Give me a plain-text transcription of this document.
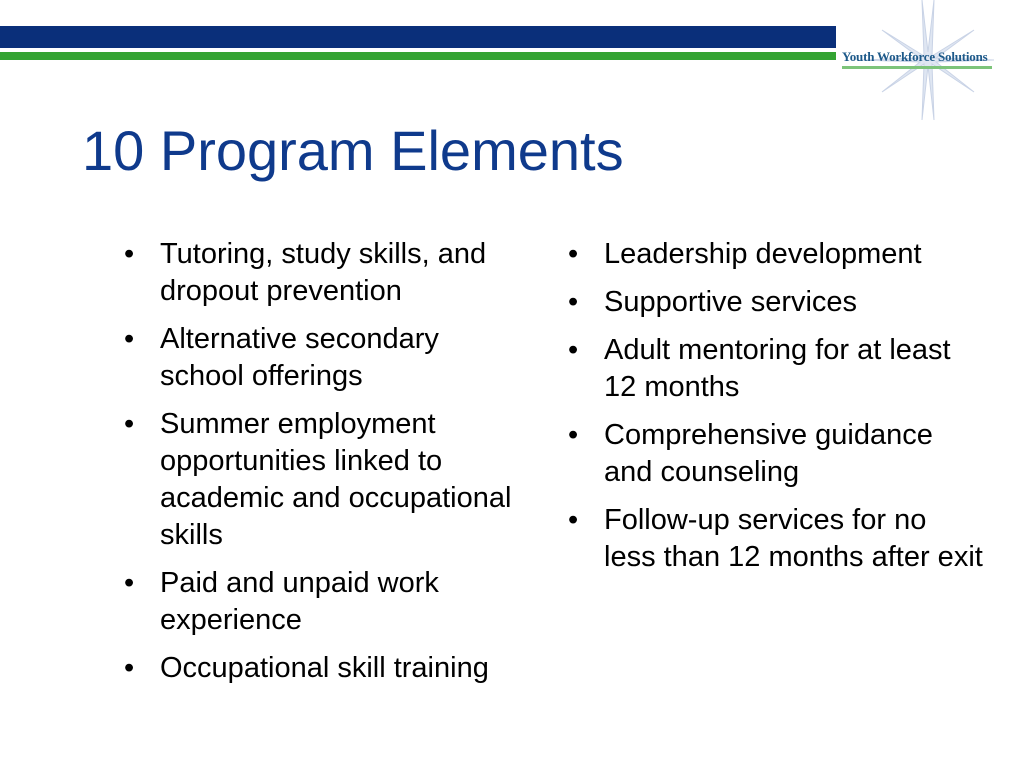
Youth Workforce Solutions
10 Program Elements
• Tutoring, study skills, and dropout prevention
• Alternative secondary school offerings
• Summer employment opportunities linked to academic and occupational skills
• Paid and unpaid work experience
• Occupational skill training
• Leadership development
• Supportive services
• Adult mentoring for at least 12 months
• Comprehensive guidance and counseling
• Follow-up services for no less than 12 months after exit
